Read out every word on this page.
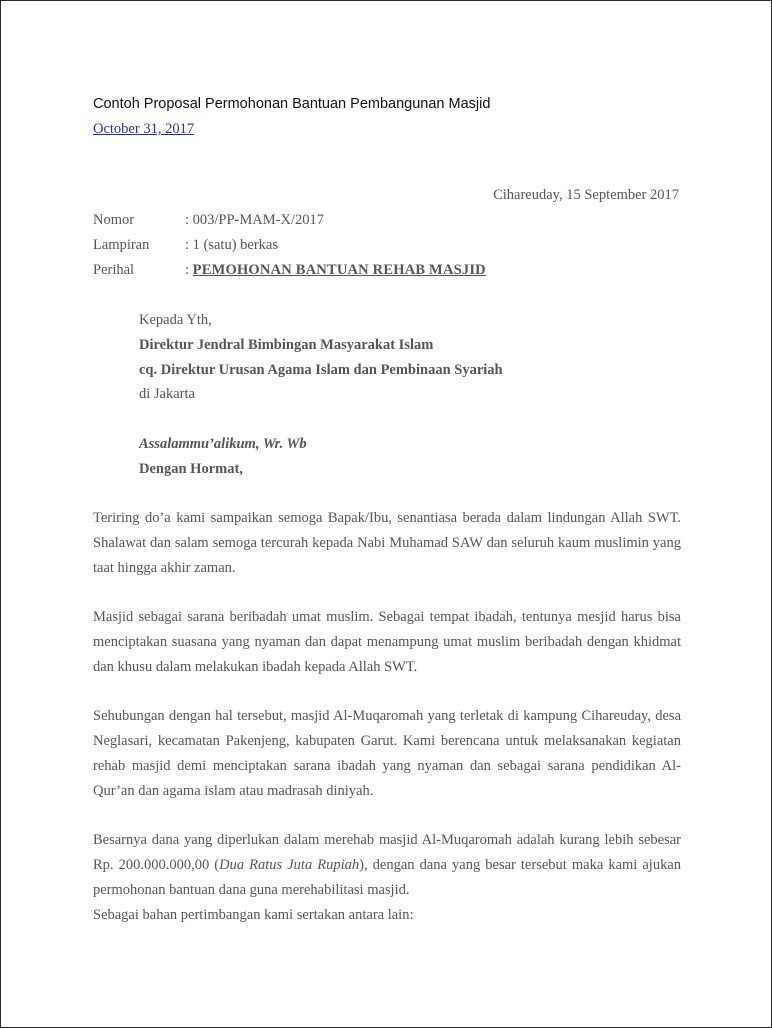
Contoh Proposal Permohonan Bantuan Pembangunan Masjid
October 31, 2017
Cihareuday, 15 September 2017
Nomor	: 003/PP-MAM-X/2017
Lampiran	: 1 (satu) berkas
Perihal	: PEMOHONAN BANTUAN REHAB MASJID
Kepada Yth,
Direktur Jendral Bimbingan Masyarakat Islam
cq. Direktur Urusan Agama Islam dan Pembinaan Syariah
di Jakarta
Assalammu’alikum, Wr. Wb
Dengan Hormat,

Teriring do’a kami sampaikan semoga Bapak/Ibu, senantiasa berada dalam lindungan Allah SWT. Shalawat dan salam semoga tercurah kepada Nabi Muhamad SAW dan seluruh kaum muslimin yang taat hingga akhir zaman.

Masjid sebagai sarana beribadah umat muslim. Sebagai tempat ibadah, tentunya mesjid harus bisa menciptakan suasana yang nyaman dan dapat menampung umat muslim beribadah dengan khidmat dan khusu dalam melakukan ibadah kepada Allah SWT.

Sehubungan dengan hal tersebut, masjid Al-Muqaromah yang terletak di kampung Cihareuday, desa Neglasari, kecamatan Pakenjeng, kabupaten Garut. Kami berencana untuk melaksanakan kegiatan rehab masjid demi menciptakan sarana ibadah yang nyaman dan sebagai sarana pendidikan Al-Qur’an dan agama islam atau madrasah diniyah.

Besarnya dana yang diperlukan dalam merehab masjid Al-Muqaromah adalah kurang lebih sebesar Rp. 200.000.000,00 (Dua Ratus Juta Rupiah), dengan dana yang besar tersebut maka kami ajukan permohonan bantuan dana guna merehabilitasi masjid.

Sebagai bahan pertimbangan kami sertakan antara lain:
